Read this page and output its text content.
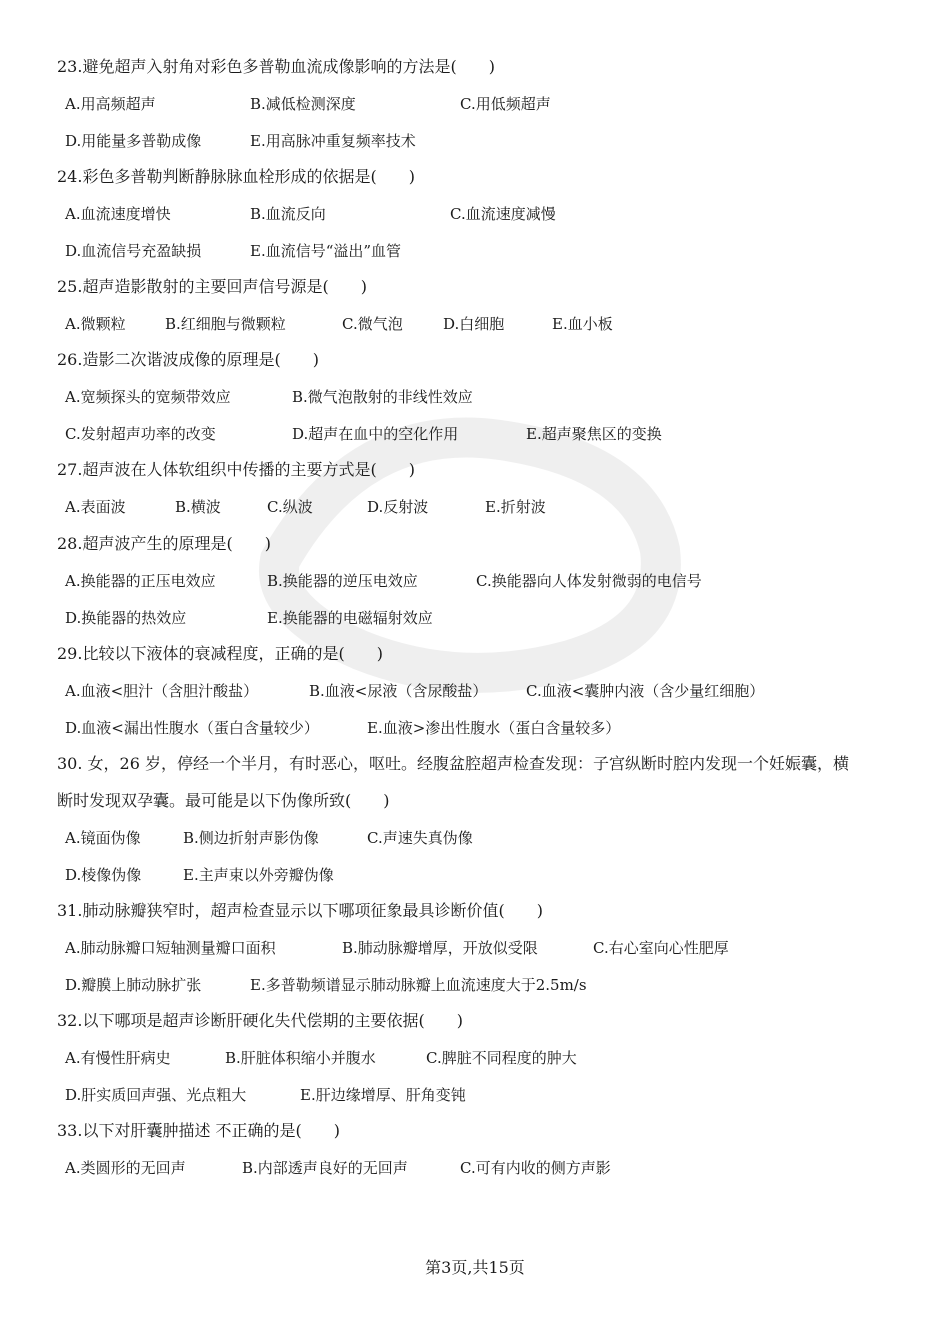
23.避免超声入射角对彩色多普勒血流成像影响的方法是(　　)
A.用高频超声	B.减低检测深度	C.用低频超声
D.用能量多普勒成像	E.用高脉冲重复频率技术
24.彩色多普勒判断静脉脉血栓形成的依据是(　　)
A.血流速度增快	B.血流反向	C.血流速度减慢
D.血流信号充盈缺损	E.血流信号“溢出”血管
25.超声造影散射的主要回声信号源是(　　)
A.微颗粒	B.红细胞与微颗粒	C.微气泡	D.白细胞	E.血小板
26.造影二次谐波成像的原理是(　　)
A.宽频探头的宽频带效应	B.微气泡散射的非线性效应
C.发射超声功率的改变	D.超声在血中的空化作用	E.超声聚焦区的变换
27.超声波在人体软组织中传播的主要方式是(　　)
A.表面波	B.横波	C.纵波	D.反射波	E.折射波
28.超声波产生的原理是(　　)
A.换能器的正压电效应	B.换能器的逆压电效应	C.换能器向人体发射微弱的电信号
D.换能器的热效应	E.换能器的电磁辐射效应
29.比较以下液体的衰减程度，正确的是(　　)
A.血液<胆汁（含胆汁酸盐）	B.血液<尿液（含尿酸盐）	C.血液<囊肿内液（含少量红细胞）
D.血液<漏出性腹水（蛋白含量较少）	E.血液>渗出性腹水（蛋白含量较多）
30. 女，26 岁，停经一个半月，有时恶心，呕吐。经腹盆腔超声检查发现：子宫纵断时腔内发现一个妊娠囊，横
断时发现双孕囊。最可能是以下伪像所致(　　)
A.镜面伪像	B.侧边折射声影伪像	C.声速失真伪像
D.棱像伪像	E.主声束以外旁瓣伪像
31.肺动脉瓣狭窄时，超声检查显示以下哪项征象最具诊断价值(　　)
A.肺动脉瓣口短轴测量瓣口面积	B.肺动脉瓣增厚，开放似受限	C.右心室向心性肥厚
D.瓣膜上肺动脉扩张	E.多普勒频谱显示肺动脉瓣上血流速度大于2.5m/s
32.以下哪项是超声诊断肝硬化失代偿期的主要依据(　　)
A.有慢性肝病史	B.肝脏体积缩小并腹水	C.脾脏不同程度的肿大
D.肝实质回声强、光点粗大	E.肝边缘增厚、肝角变钝
33.以下对肝囊肿描述 不正确的是(　　)
A.类圆形的无回声	B.内部透声良好的无回声	C.可有内收的侧方声影
第3页,共15页
